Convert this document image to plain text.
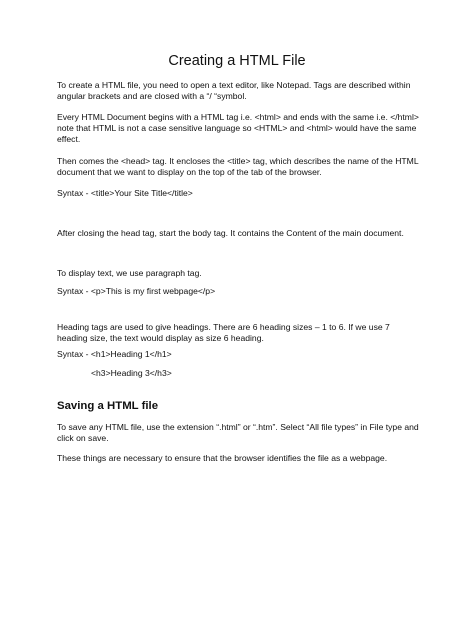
Creating a HTML File

To create a HTML file, you need to open a text editor, like Notepad. Tags are described within angular brackets and are closed with a “/ “symbol.

Every HTML Document begins with a HTML tag i.e. <html> and ends with the same i.e. </html> note that HTML is not a case sensitive language so <HTML> and <html> would have the same effect.

Then comes the <head> tag. It encloses the <title> tag, which describes the name of the HTML document that we want to display on the top of the tab of the browser.

Syntax - <title>Your Site Title</title>

After closing the head tag, start the body tag. It contains the Content of the main document.

To display text, we use paragraph tag.

Syntax - <p>This is my first webpage</p>

Heading tags are used to give headings. There are 6 heading sizes – 1 to 6. If we use 7 heading size, the text would display as size 6 heading.

Syntax - <h1>Heading 1</h1>

<h3>Heading 3</h3>

Saving a HTML file

To save any HTML file, use the extension “.html” or “.htm”. Select “All file types” in File type and click on save.

These things are necessary to ensure that the browser identifies the file as a webpage.
